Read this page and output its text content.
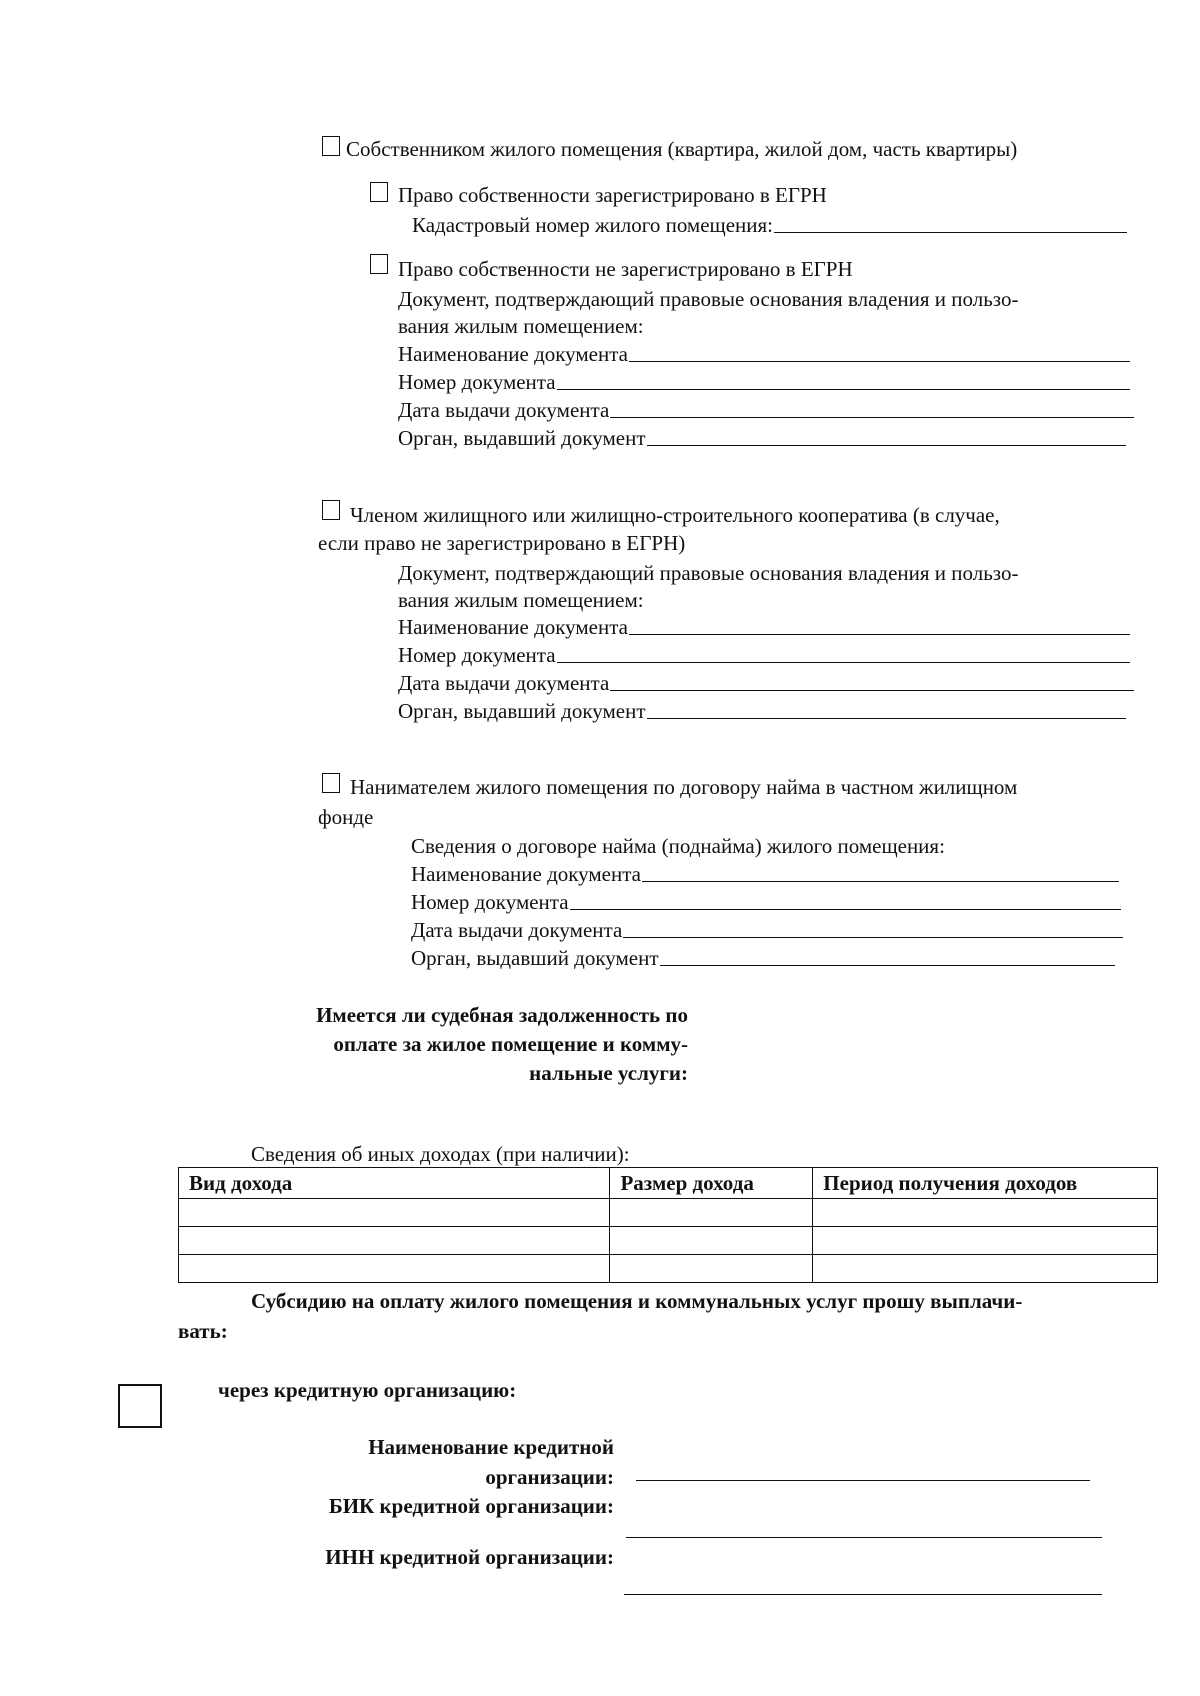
Собственником жилого помещения (квартира, жилой дом, часть квартиры)
Право собственности зарегистрировано в ЕГРН
Кадастровый номер жилого помещения:
Право собственности не зарегистрировано в ЕГРН
Документ, подтверждающий правовые основания владения и пользо-
вания жилым помещением:
Наименование документа
Номер документа
Дата выдачи документа
Орган, выдавший документ
Членом жилищного или жилищно-строительного кооператива (в случае,
если право не зарегистрировано в ЕГРН)
Документ, подтверждающий правовые основания владения и пользо-
вания жилым помещением:
Наименование документа
Номер документа
Дата выдачи документа
Орган, выдавший документ
Нанимателем жилого помещения по договору найма в частном жилищном
фонде
Сведения о договоре найма (поднайма) жилого помещения:
Наименование документа
Номер документа
Дата выдачи документа
Орган, выдавший документ
Имеется ли судебная задолженность по
оплате за жилое помещение и комму-
нальные услуги:
Сведения об иных доходах (при наличии):
Вид дохода	Размер дохода	Период получения доходов

Субсидию на оплату жилого помещения и коммунальных услуг прошу выплачи-
вать:
через кредитную организацию:
Наименование кредитной
организации:
БИК кредитной организации:
ИНН кредитной организации:
